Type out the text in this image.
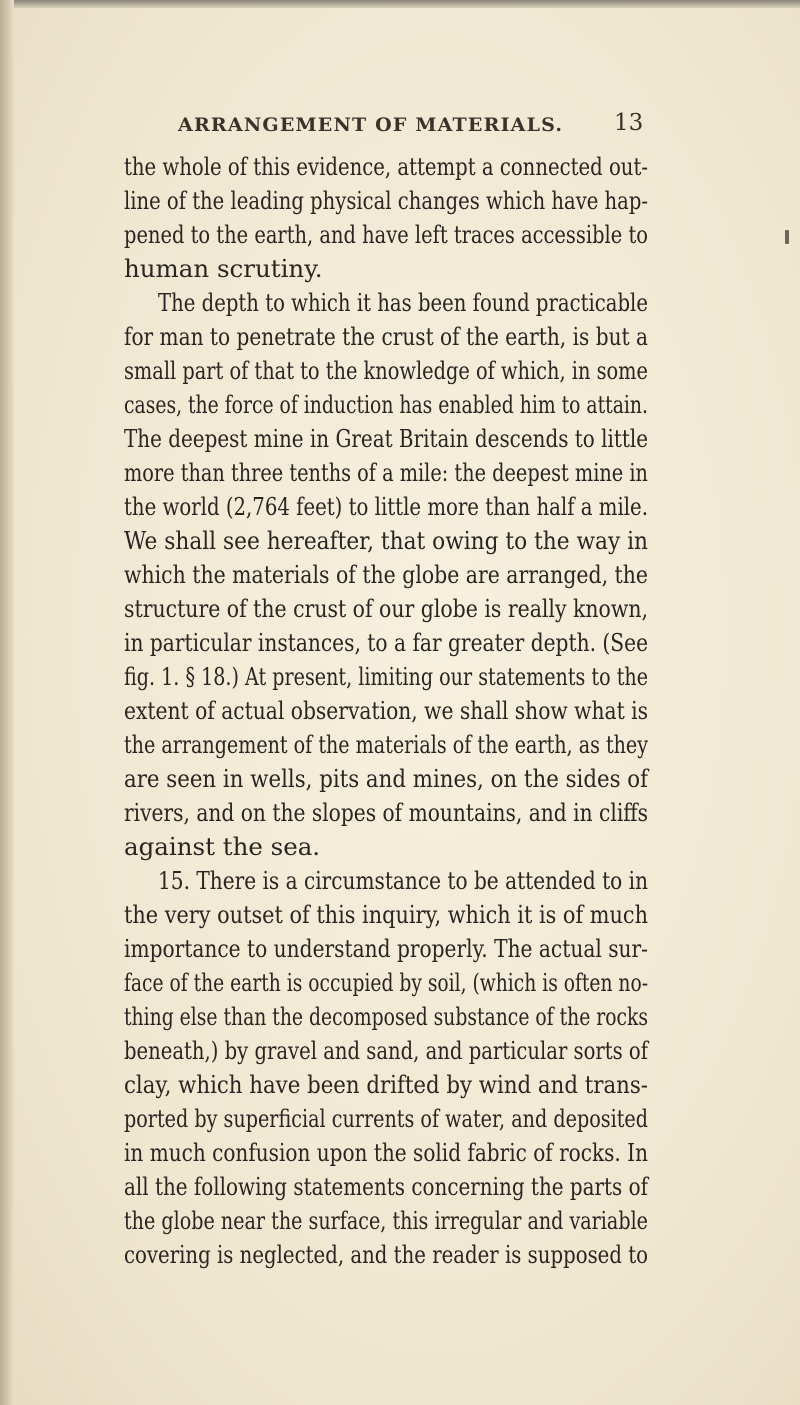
ARRANGEMENT OF MATERIALS. 13
the whole of this evidence, attempt a connected out-
line of the leading physical changes which have hap-
pened to the earth, and have left traces accessible to
human scrutiny.
The depth to which it has been found practicable
for man to penetrate the crust of the earth, is but a
small part of that to the knowledge of which, in some
cases, the force of induction has enabled him to attain.
The deepest mine in Great Britain descends to little
more than three tenths of a mile: the deepest mine in
the world (2,764 feet) to little more than half a mile.
We shall see hereafter, that owing to the way in
which the materials of the globe are arranged, the
structure of the crust of our globe is really known,
in particular instances, to a far greater depth. (See
fig. 1. § 18.) At present, limiting our statements to the
extent of actual observation, we shall show what is
the arrangement of the materials of the earth, as they
are seen in wells, pits and mines, on the sides of
rivers, and on the slopes of mountains, and in cliffs
against the sea.
15. There is a circumstance to be attended to in
the very outset of this inquiry, which it is of much
importance to understand properly. The actual sur-
face of the earth is occupied by soil, (which is often no-
thing else than the decomposed substance of the rocks
beneath,) by gravel and sand, and particular sorts of
clay, which have been drifted by wind and trans-
ported by superficial currents of water, and deposited
in much confusion upon the solid fabric of rocks. In
all the following statements concerning the parts of
the globe near the surface, this irregular and variable
covering is neglected, and the reader is supposed to
